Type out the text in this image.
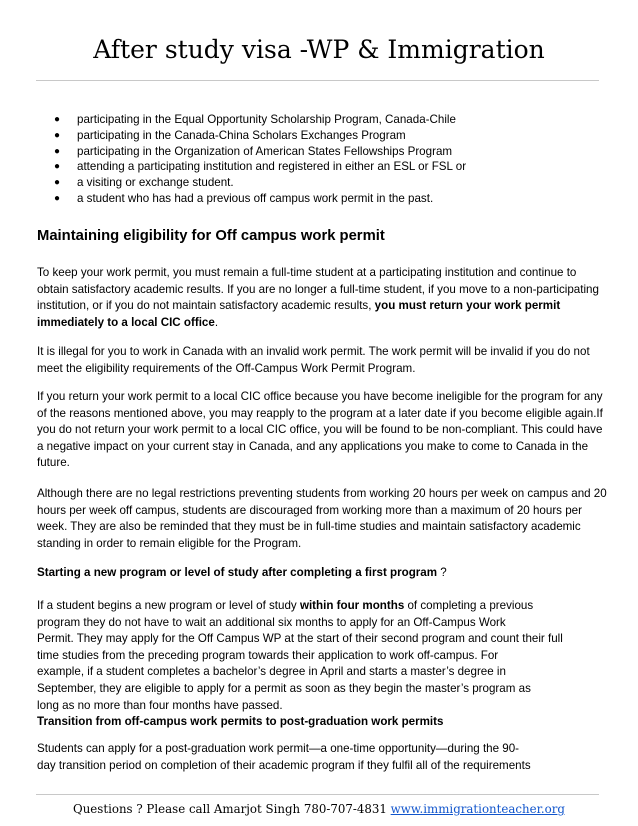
After study visa -WP & Immigration
● participating in the Equal Opportunity Scholarship Program, Canada-Chile
● participating in the Canada-China Scholars Exchanges Program
● participating in the Organization of American States Fellowships Program
● attending a participating institution and registered in either an ESL or FSL or
● a visiting or exchange student.
● a student who has had a previous off campus work permit in the past.
Maintaining eligibility for Off campus work permit

To keep your work permit, you must remain a full-time student at a participating institution and continue to
obtain satisfactory academic results. If you are no longer a full-time student, if you move to a non-participating
institution, or if you do not maintain satisfactory academic results, you must return your work permit
immediately to a local CIC office.

It is illegal for you to work in Canada with an invalid work permit. The work permit will be invalid if you do not
meet the eligibility requirements of the Off-Campus Work Permit Program.

If you return your work permit to a local CIC office because you have become ineligible for the program for any
of the reasons mentioned above, you may reapply to the program at a later date if you become eligible again.If
you do not return your work permit to a local CIC office, you will be found to be non-compliant. This could have
a negative impact on your current stay in Canada, and any applications you make to come to Canada in the
future.

Although there are no legal restrictions preventing students from working 20 hours per week on campus and 20
hours per week off campus, students are discouraged from working more than a maximum of 20 hours per
week. They are also be reminded that they must be in full-time studies and maintain satisfactory academic
standing in order to remain eligible for the Program.

Starting a new program or level of study after completing a first program ?

If a student begins a new program or level of study within four months of completing a previous
program they do not have to wait an additional six months to apply for an Off-Campus Work
Permit. They may apply for the Off Campus WP at the start of their second program and count their full
time studies from the preceding program towards their application to work off-campus. For
example, if a student completes a bachelor’s degree in April and starts a master’s degree in
September, they are eligible to apply for a permit as soon as they begin the master’s program as
long as no more than four months have passed.
Transition from off-campus work permits to post-graduation work permits

Students can apply for a post-graduation work permit—a one-time opportunity—during the 90-
day transition period on completion of their academic program if they fulfil all of the requirements

Questions ? Please call Amarjot Singh 780-707-4831 www.immigrationteacher.org
